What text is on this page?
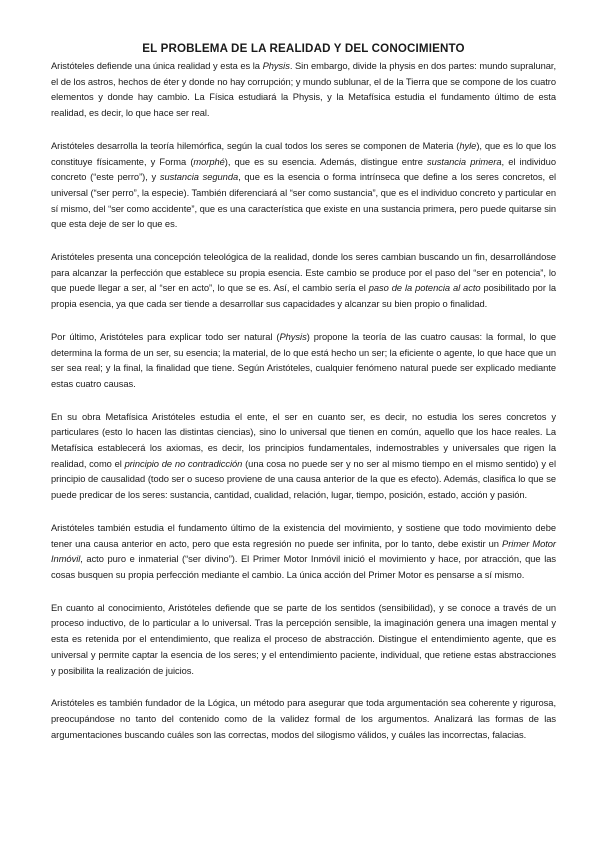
EL PROBLEMA DE LA REALIDAD Y DEL CONOCIMIENTO

Aristóteles defiende una única realidad y esta es la Physis. Sin embargo, divide la physis en dos partes: mundo supralunar, el de los astros, hechos de éter y donde no hay corrupción; y mundo sublunar, el de la Tierra que se compone de los cuatro elementos y donde hay cambio. La Física estudiará la Physis, y la Metafísica estudia el fundamento último de esta realidad, es decir, lo que hace ser real.

Aristóteles desarrolla la teoría hilemórfica, según la cual todos los seres se componen de Materia (hyle), que es lo que los constituye físicamente, y Forma (morphé), que es su esencia. Además, distingue entre sustancia primera, el individuo concreto (“este perro”), y sustancia segunda, que es la esencia o forma intrínseca que define a los seres concretos, el universal (“ser perro”, la especie). También diferenciará al “ser como sustancia”, que es el individuo concreto y particular en sí mismo, del “ser como accidente”, que es una característica que existe en una sustancia primera, pero puede quitarse sin que esta deje de ser lo que es.

Aristóteles presenta una concepción teleológica de la realidad, donde los seres cambian buscando un fin, desarrollándose para alcanzar la perfección que establece su propia esencia. Este cambio se produce por el paso del “ser en potencia”, lo que puede llegar a ser, al “ser en acto”, lo que se es. Así, el cambio sería el paso de la potencia al acto posibilitado por la propia esencia, ya que cada ser tiende a desarrollar sus capacidades y alcanzar su bien propio o finalidad.

Por último, Aristóteles para explicar todo ser natural (Physis) propone la teoría de las cuatro causas: la formal, lo que determina la forma de un ser, su esencia; la material, de lo que está hecho un ser; la eficiente o agente, lo que hace que un ser sea real; y la final, la finalidad que tiene. Según Aristóteles, cualquier fenómeno natural puede ser explicado mediante estas cuatro causas.

En su obra Metafísica Aristóteles estudia el ente, el ser en cuanto ser, es decir, no estudia los seres concretos y particulares (esto lo hacen las distintas ciencias), sino lo universal que tienen en común, aquello que los hace reales. La Metafísica establecerá los axiomas, es decir, los principios fundamentales, indemostrables y universales que rigen la realidad, como el principio de no contradicción (una cosa no puede ser y no ser al mismo tiempo en el mismo sentido) y el principio de causalidad (todo ser o suceso proviene de una causa anterior de la que es efecto). Además, clasifica lo que se puede predicar de los seres: sustancia, cantidad, cualidad, relación, lugar, tiempo, posición, estado, acción y pasión.

Aristóteles también estudia el fundamento último de la existencia del movimiento, y sostiene que todo movimiento debe tener una causa anterior en acto, pero que esta regresión no puede ser infinita, por lo tanto, debe existir un Primer Motor Inmóvil, acto puro e inmaterial (“ser divino”). El Primer Motor Inmóvil inició el movimiento y hace, por atracción, que las cosas busquen su propia perfección mediante el cambio. La única acción del Primer Motor es pensarse a sí mismo.

En cuanto al conocimiento, Aristóteles defiende que se parte de los sentidos (sensibilidad), y se conoce a través de un proceso inductivo, de lo particular a lo universal. Tras la percepción sensible, la imaginación genera una imagen mental y esta es retenida por el entendimiento, que realiza el proceso de abstracción. Distingue el entendimiento agente, que es universal y permite captar la esencia de los seres; y el entendimiento paciente, individual, que retiene estas abstracciones y posibilita la realización de juicios.

Aristóteles es también fundador de la Lógica, un método para asegurar que toda argumentación sea coherente y rigurosa, preocupándose no tanto del contenido como de la validez formal de los argumentos. Analizará las formas de las argumentaciones buscando cuáles son las correctas, modos del silogismo válidos, y cuáles las incorrectas, falacias.
